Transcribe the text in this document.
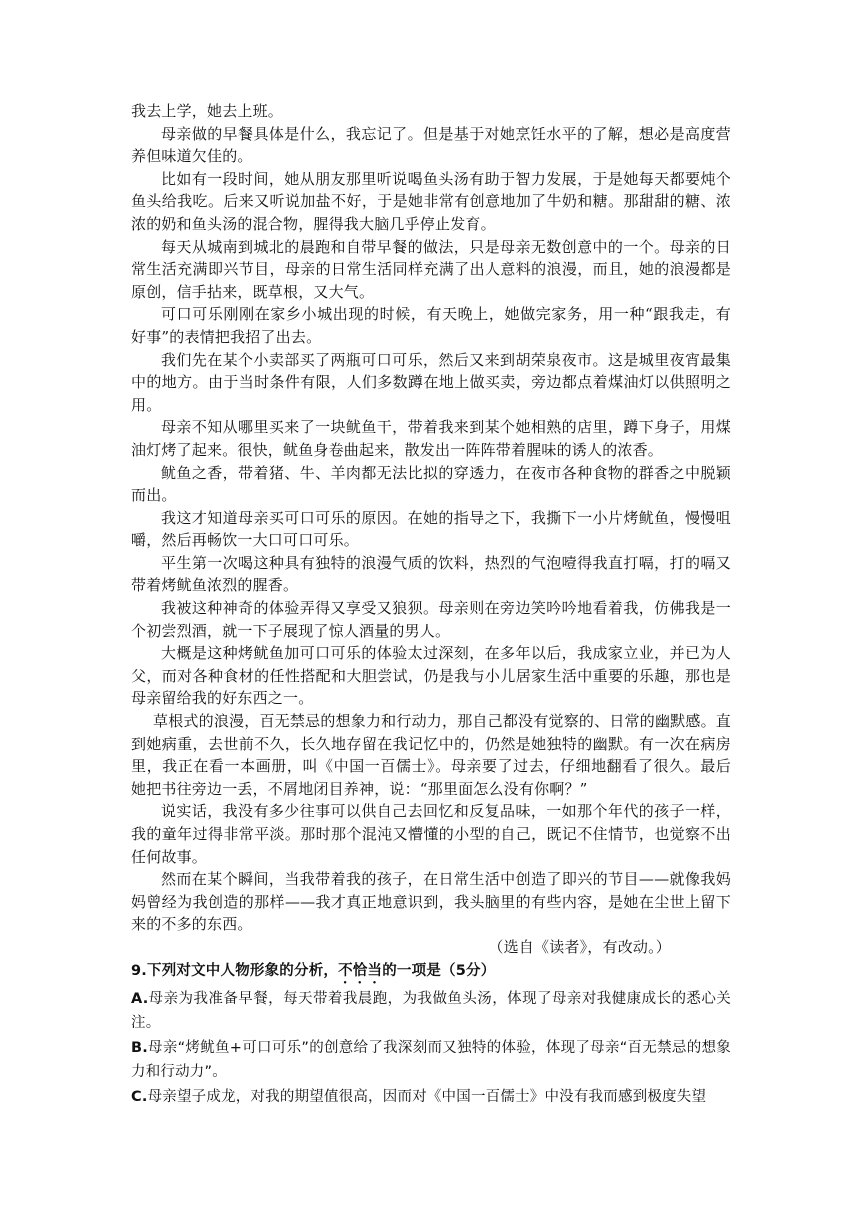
我去上学，她去上班。

母亲做的早餐具体是什么，我忘记了。但是基于对她烹饪水平的了解，想必是高度营养但味道欠佳的。

比如有一段时间，她从朋友那里听说喝鱼头汤有助于智力发展，于是她每天都要炖个鱼头给我吃。后来又听说加盐不好，于是她非常有创意地加了牛奶和糖。那甜甜的糖、浓浓的奶和鱼头汤的混合物，腥得我大脑几乎停止发育。

每天从城南到城北的晨跑和自带早餐的做法，只是母亲无数创意中的一个。母亲的日常生活充满即兴节目，母亲的日常生活同样充满了出人意料的浪漫，而且，她的浪漫都是原创，信手拈来，既草根，又大气。

可口可乐刚刚在家乡小城出现的时候，有天晚上，她做完家务，用一种“跟我走，有好事”的表情把我招了出去。

我们先在某个小卖部买了两瓶可口可乐，然后又来到胡荣泉夜市。这是城里夜宵最集中的地方。由于当时条件有限，人们多数蹲在地上做买卖，旁边都点着煤油灯以供照明之用。

母亲不知从哪里买来了一块鱿鱼干，带着我来到某个她相熟的店里，蹲下身子，用煤油灯烤了起来。很快，鱿鱼身卷曲起来，散发出一阵阵带着腥味的诱人的浓香。

鱿鱼之香，带着猪、牛、羊肉都无法比拟的穿透力，在夜市各种食物的群香之中脱颖而出。

我这才知道母亲买可口可乐的原因。在她的指导之下，我撕下一小片烤鱿鱼，慢慢咀嚼，然后再畅饮一大口可口可乐。

平生第一次喝这种具有独特的浪漫气质的饮料，热烈的气泡噎得我直打嗝，打的嗝又带着烤鱿鱼浓烈的腥香。

我被这种神奇的体验弄得又享受又狼狈。母亲则在旁边笑吟吟地看着我，仿佛我是一个初尝烈酒，就一下子展现了惊人酒量的男人。

大概是这种烤鱿鱼加可口可乐的体验太过深刻，在多年以后，我成家立业，并已为人父，而对各种食材的任性搭配和大胆尝试，仍是我与小儿居家生活中重要的乐趣，那也是母亲留给我的好东西之一。

草根式的浪漫，百无禁忌的想象力和行动力，那自己都没有觉察的、日常的幽默感。直到她病重，去世前不久，长久地存留在我记忆中的，仍然是她独特的幽默。有一次在病房里，我正在看一本画册，叫《中国一百儒士》。母亲要了过去，仔细地翻看了很久。最后她把书往旁边一丢，不屑地闭目养神，说：“那里面怎么没有你啊？”

说实话，我没有多少往事可以供自己去回忆和反复品味，一如那个年代的孩子一样，我的童年过得非常平淡。那时那个混沌又懵懂的小型的自己，既记不住情节，也觉察不出任何故事。

然而在某个瞬间，当我带着我的孩子，在日常生活中创造了即兴的节目——就像我妈妈曾经为我创造的那样——我才真正地意识到，我头脑里的有些内容，是她在尘世上留下来的不多的东西。

（选自《读者》，有改动。）

9.下列对文中人物形象的分析，不恰当的一项是（5分）

A.母亲为我准备早餐，每天带着我晨跑，为我做鱼头汤，体现了母亲对我健康成长的悉心关注。

B.母亲“烤鱿鱼+可口可乐”的创意给了我深刻而又独特的体验，体现了母亲“百无禁忌的想象力和行动力”。

C.母亲望子成龙，对我的期望值很高，因而对《中国一百儒士》中没有我而感到极度失望
